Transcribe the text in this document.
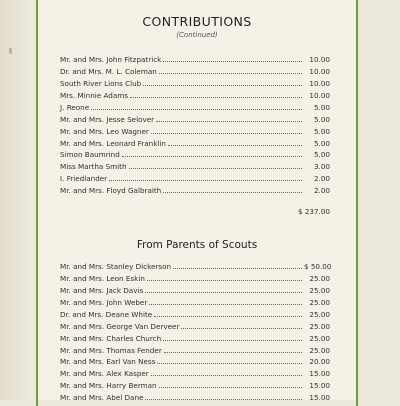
CONTRIBUTIONS
(Continued)
Mr. and Mrs. John Fitzpatrick	10.00
Dr. and Mrs. M. L. Coleman	10.00
South River Lions Club	10.00
Mrs. Minnie Adams	10.00
J. Reone	5.00
Mr. and Mrs. Jesse Selover	5.00
Mr. and Mrs. Leo Wagner	5.00
Mr. and Mrs. Leonard Franklin	5.00
Simon Baumrind	5.00
Miss Martha Smith	3.00
I. Friedlander	2.00
Mr. and Mrs. Floyd Galbraith	2.00
$ 237.00
From Parents of Scouts
Mr. and Mrs. Stanley Dickerson	$ 50.00
Mr. and Mrs. Leon Eskin	25.00
Mr. and Mrs. Jack Davis	25.00
Mr. and Mrs. John Weber	25.00
Dr. and Mrs. Deane White	25.00
Mr. and Mrs. George Van Derveer	25.00
Mr. and Mrs. Charles Church	25.00
Mr. and Mrs. Thomas Fender	25.00
Mr. and Mrs. Earl Van Ness	20.00
Mr. and Mrs. Alex Kasper	15.00
Mr. and Mrs. Harry Berman	15.00
Mr. and Mrs. Abel Dane	15.00
